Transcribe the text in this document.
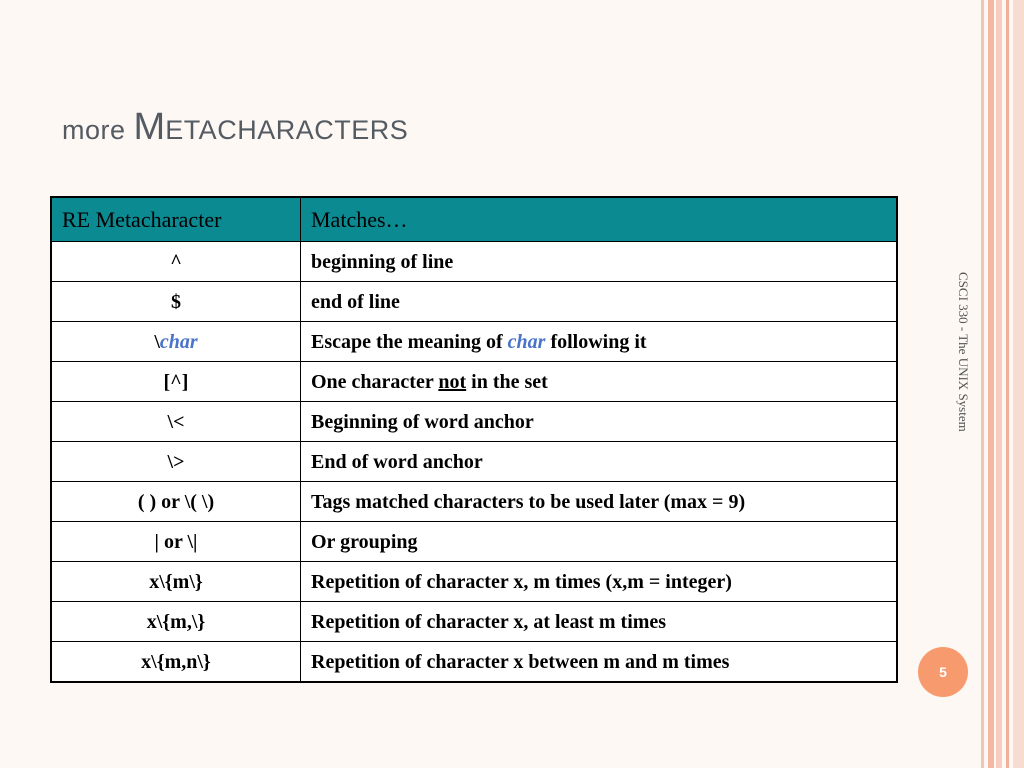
more METACHARACTERS
RE Metacharacter	Matches…
^	beginning of line
$	end of line
\char	Escape the meaning of char following it
[^]	One character not in the set
\<	Beginning of word anchor
\>	End of word anchor
( ) or \( \)	Tags matched characters to be used later (max = 9)
| or \|	Or grouping
x\{m\}	Repetition of character x, m times (x,m = integer)
x\{m,\}	Repetition of character x, at least m times
x\{m,n\}	Repetition of character x between m and m times
CSCI 330 - The UNIX System
5
